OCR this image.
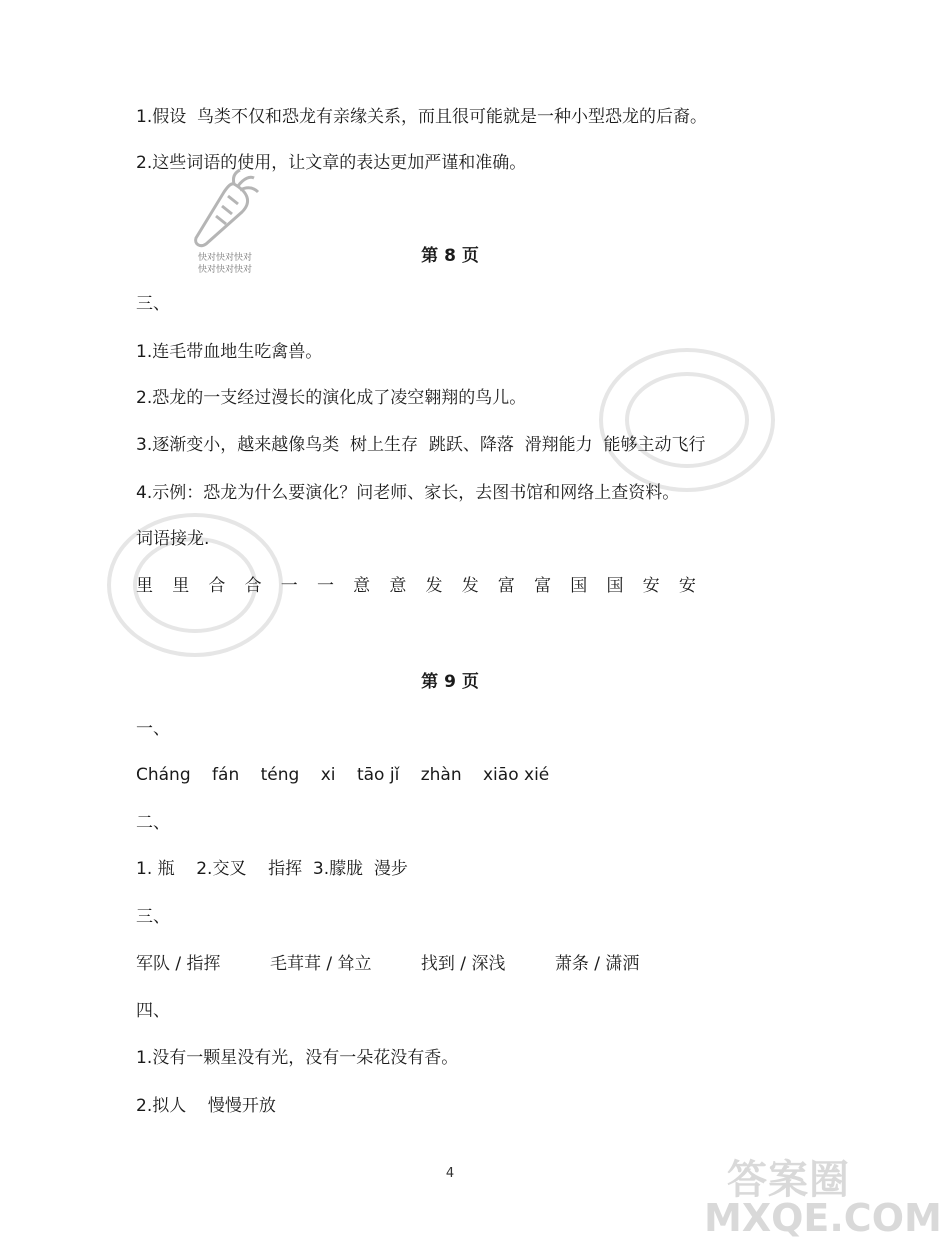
快对快对快对
快对快对快对
1.假设  鸟类不仅和恐龙有亲缘关系，而且很可能就是一种小型恐龙的后裔。
2.这些词语的使用，让文章的表达更加严谨和准确。
第 8 页
三、
1.连毛带血地生吃禽兽。
2.恐龙的一支经过漫长的演化成了凌空翱翔的鸟儿。
3.逐渐变小，越来越像鸟类  树上生存  跳跃、降落  滑翔能力  能够主动飞行
4.示例：恐龙为什么要演化？问老师、家长，去图书馆和网络上查资料。
词语接龙.
里	里	合	合	一	一	意	意	发	发	富	富	国	国	安	安
第 9 页
一、
Cháng fán téng xi tāo jǐ zhàn xiāo xié
二、
1. 瓶    2.交叉    指挥  3.朦胧  漫步
三、
军队 / 指挥	毛茸茸 / 耸立	找到 / 深浅	萧条 / 潇洒
四、
1.没有一颗星没有光，没有一朵花没有香。
2.拟人    慢慢开放
4	答案圈
MXQE.COM
